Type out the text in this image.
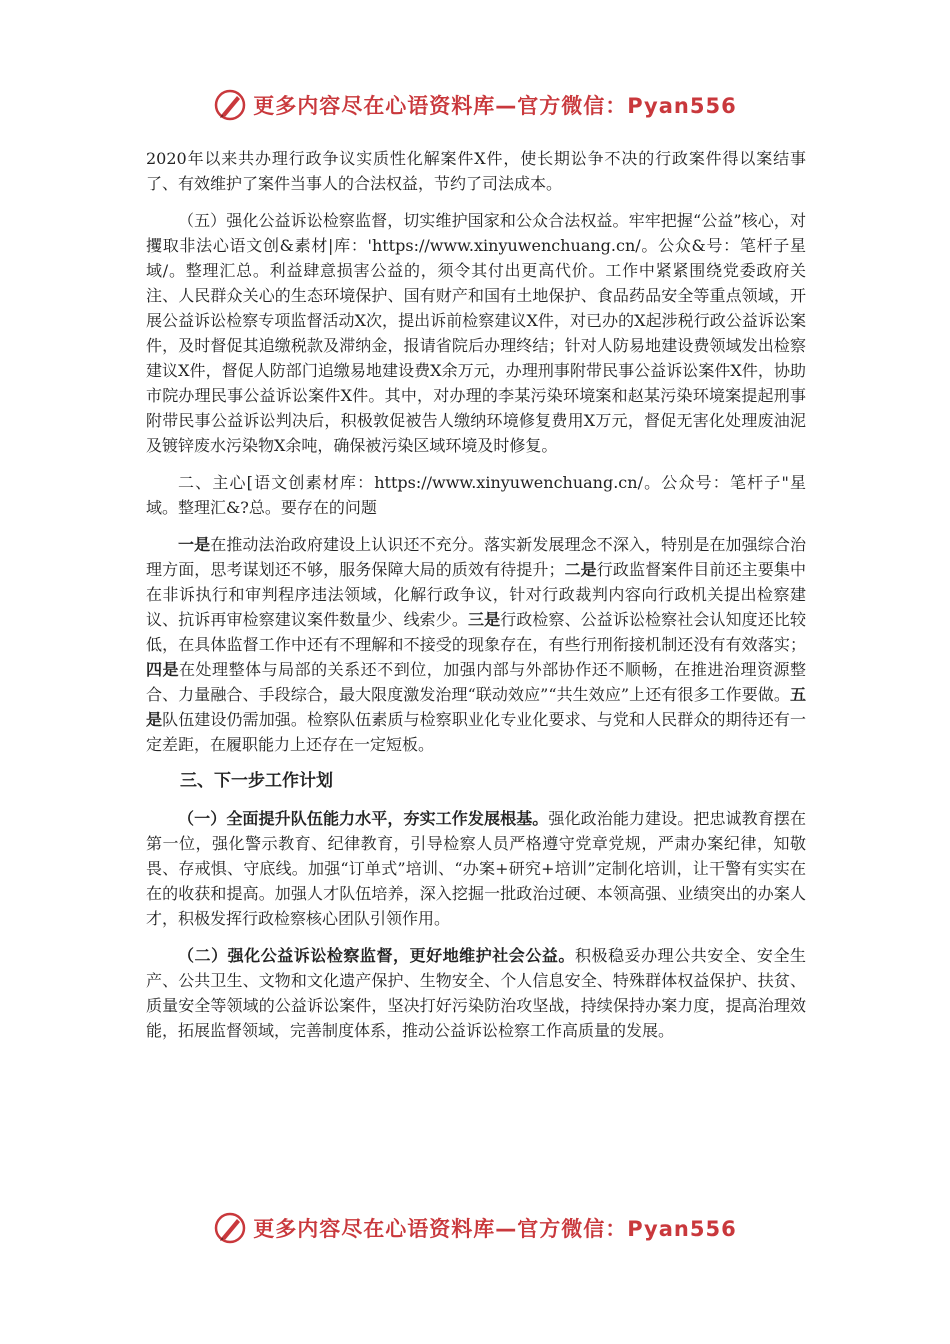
更多内容尽在心语资料库—官方微信：Pyan556

2020年以来共办理行政争议实质性化解案件X件，使长期讼争不决的行政案件得以案结事了、有效维护了案件当事人的合法权益，节约了司法成本。

（五）强化公益诉讼检察监督，切实维护国家和公众合法权益。牢牢把握“公益”核心，对攫取非法心语文创&素材|库：'https://www.xinyuwenchuang.cn/。公众&号：笔杆子星域/。整理汇总。利益肆意损害公益的，须令其付出更高代价。工作中紧紧围绕党委政府关注、人民群众关心的生态环境保护、国有财产和国有土地保护、食品药品安全等重点领域，开展公益诉讼检察专项监督活动X次，提出诉前检察建议X件，对已办的X起涉税行政公益诉讼案件，及时督促其追缴税款及滞纳金，报请省院后办理终结；针对人防易地建设费领域发出检察建议X件，督促人防部门追缴易地建设费X余万元，办理刑事附带民事公益诉讼案件X件，协助市院办理民事公益诉讼案件X件。其中，对办理的李某污染环境案和赵某污染环境案提起刑事附带民事公益诉讼判决后，积极敦促被告人缴纳环境修复费用X万元，督促无害化处理废油泥及镀锌废水污染物X余吨，确保被污染区域环境及时修复。

二、主心[语文创素材库：https://www.xinyuwenchuang.cn/。公众号：笔杆子"星域。整理汇&?总。要存在的问题

一是在推动法治政府建设上认识还不充分。落实新发展理念不深入，特别是在加强综合治理方面，思考谋划还不够，服务保障大局的质效有待提升；二是行政监督案件目前还主要集中在非诉执行和审判程序违法领域，化解行政争议，针对行政裁判内容向行政机关提出检察建议、抗诉再审检察建议案件数量少、线索少。三是行政检察、公益诉讼检察社会认知度还比较低，在具体监督工作中还有不理解和不接受的现象存在，有些行刑衔接机制还没有有效落实；四是在处理整体与局部的关系还不到位，加强内部与外部协作还不顺畅，在推进治理资源整合、力量融合、手段综合，最大限度激发治理“联动效应”“共生效应”上还有很多工作要做。五是队伍建设仍需加强。检察队伍素质与检察职业化专业化要求、与党和人民群众的期待还有一定差距，在履职能力上还存在一定短板。

三、下一步工作计划

（一）全面提升队伍能力水平，夯实工作发展根基。强化政治能力建设。把忠诚教育摆在第一位，强化警示教育、纪律教育，引导检察人员严格遵守党章党规，严肃办案纪律，知敬畏、存戒惧、守底线。加强“订单式”培训、“办案+研究+培训”定制化培训，让干警有实实在在的收获和提高。加强人才队伍培养，深入挖掘一批政治过硬、本领高强、业绩突出的办案人才，积极发挥行政检察核心团队引领作用。

（二）强化公益诉讼检察监督，更好地维护社会公益。积极稳妥办理公共安全、安全生产、公共卫生、文物和文化遗产保护、生物安全、个人信息安全、特殊群体权益保护、扶贫、质量安全等领域的公益诉讼案件，坚决打好污染防治攻坚战，持续保持办案力度，提高治理效能，拓展监督领域，完善制度体系，推动公益诉讼检察工作高质量的发展。

更多内容尽在心语资料库—官方微信：Pyan556
